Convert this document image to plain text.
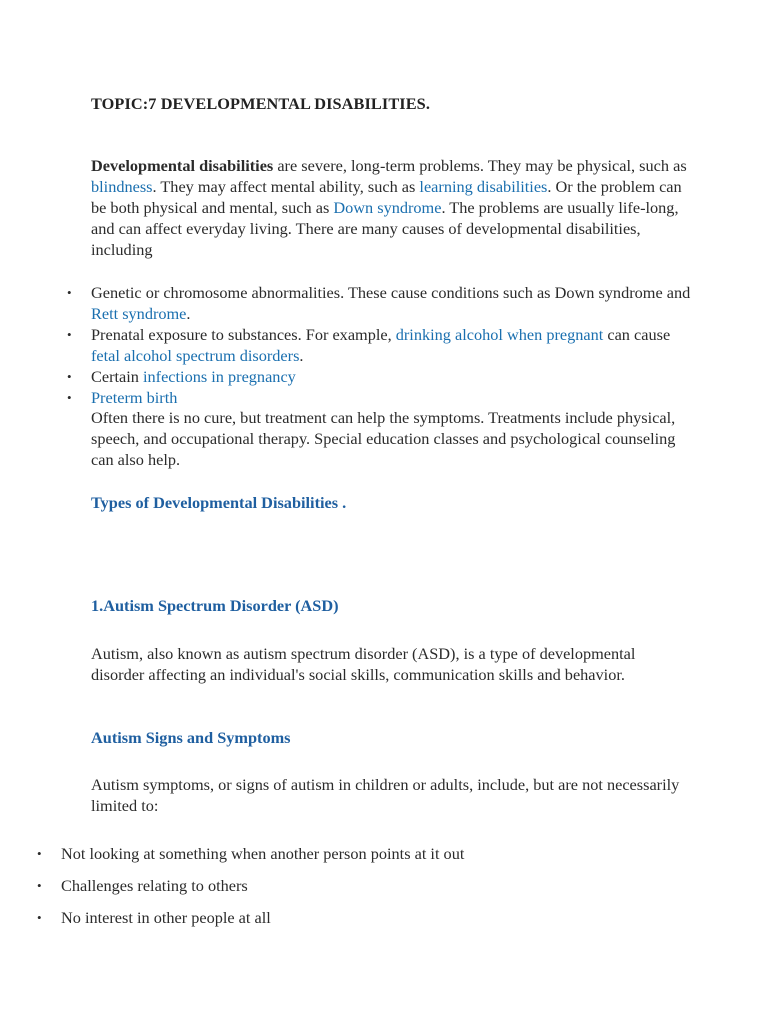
TOPIC:7 DEVELOPMENTAL DISABILITIES.

Developmental disabilities are severe, long-term problems. They may be physical, such as blindness. They may affect mental ability, such as learning disabilities. Or the problem can be both physical and mental, such as Down syndrome. The problems are usually life-long, and can affect everyday living. There are many causes of developmental disabilities, including

• Genetic or chromosome abnormalities. These cause conditions such as Down syndrome and Rett syndrome.
• Prenatal exposure to substances. For example, drinking alcohol when pregnant can cause fetal alcohol spectrum disorders.
• Certain infections in pregnancy
• Preterm birth

Often there is no cure, but treatment can help the symptoms. Treatments include physical, speech, and occupational therapy. Special education classes and psychological counseling can also help.

Types of Developmental Disabilities .

1.Autism Spectrum Disorder (ASD)

Autism, also known as autism spectrum disorder (ASD), is a type of developmental disorder affecting an individual's social skills, communication skills and behavior.

Autism Signs and Symptoms

Autism symptoms, or signs of autism in children or adults, include, but are not necessarily limited to:

• Not looking at something when another person points at it out
• Challenges relating to others
• No interest in other people at all
